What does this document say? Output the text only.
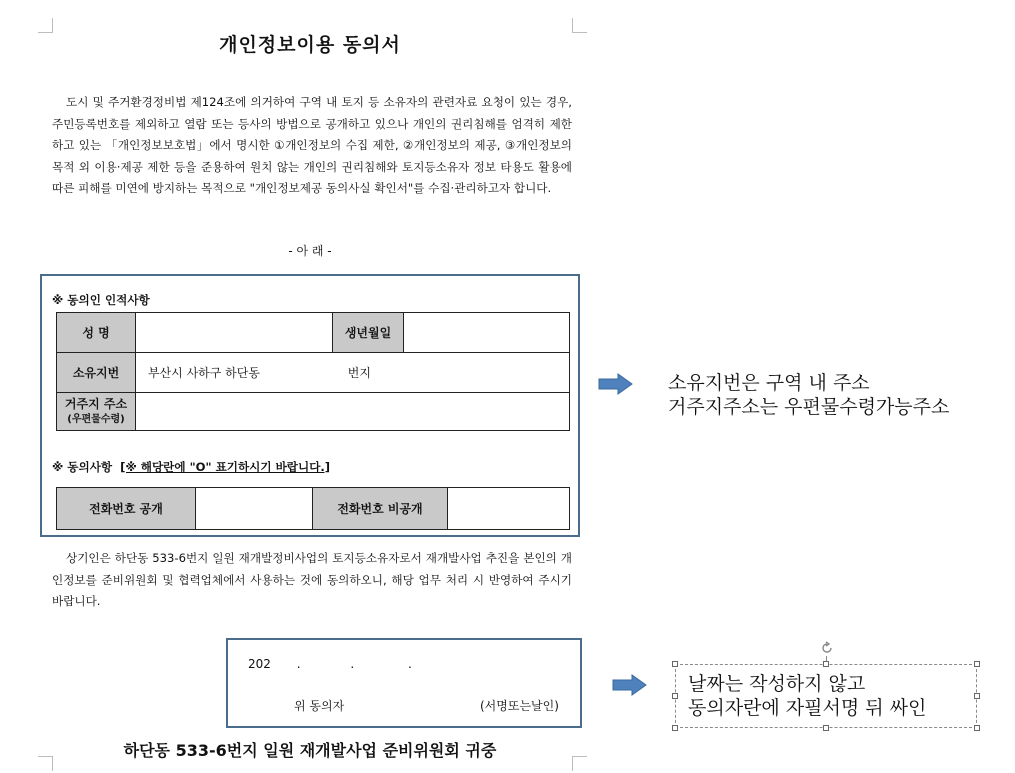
개인정보이용 동의서

도시 및 주거환경정비법 제124조에 의거하여 구역 내 토지 등 소유자의 관련자료 요청이 있는 경우, 주민등록번호를 제외하고 열람 또는 등사의 방법으로 공개하고 있으나 개인의 권리침해를 엄격히 제한하고 있는 「개인정보보호법」에서 명시한 ①개인정보의 수집 제한, ②개인정보의 제공, ③개인정보의 목적 외 이용·제공 제한 등을 준용하여 원치 않는 개인의 권리침해와 토지등소유자 정보 타용도 활용에 따른 피해를 미연에 방지하는 목적으로 "개인정보제공 동의사실 확인서"를 수집·관리하고자 합니다.

- 아 래 -
※ 동의인 인적사항
성 명		생년월일	
소유지번	부산시 사하구 하단동 번지		

거주지 주소
(우편물수령)			

※ 동의사항 [※ 해당란에 "O" 표기하시기 바랍니다.]
전화번호 공개		전화번호 비공개	

상기인은 하단동 533-6번지 일원 재개발정비사업의 토지등소유자로서 재개발사업 추진을 본인의 개인정보를 준비위원회 및 협력업체에서 사용하는 것에 동의하오니, 해당 업무 처리 시 반영하여 주시기 바랍니다.

202 .	.	.
위 동의자	(서명또는날인)
하단동 533-6번지 일원 재개발사업 준비위원회 귀중
소유지번은 구역 내 주소
거주지주소는 우편물수령가능주소
날짜는 작성하지 않고
동의자란에 자필서명 뒤 싸인
